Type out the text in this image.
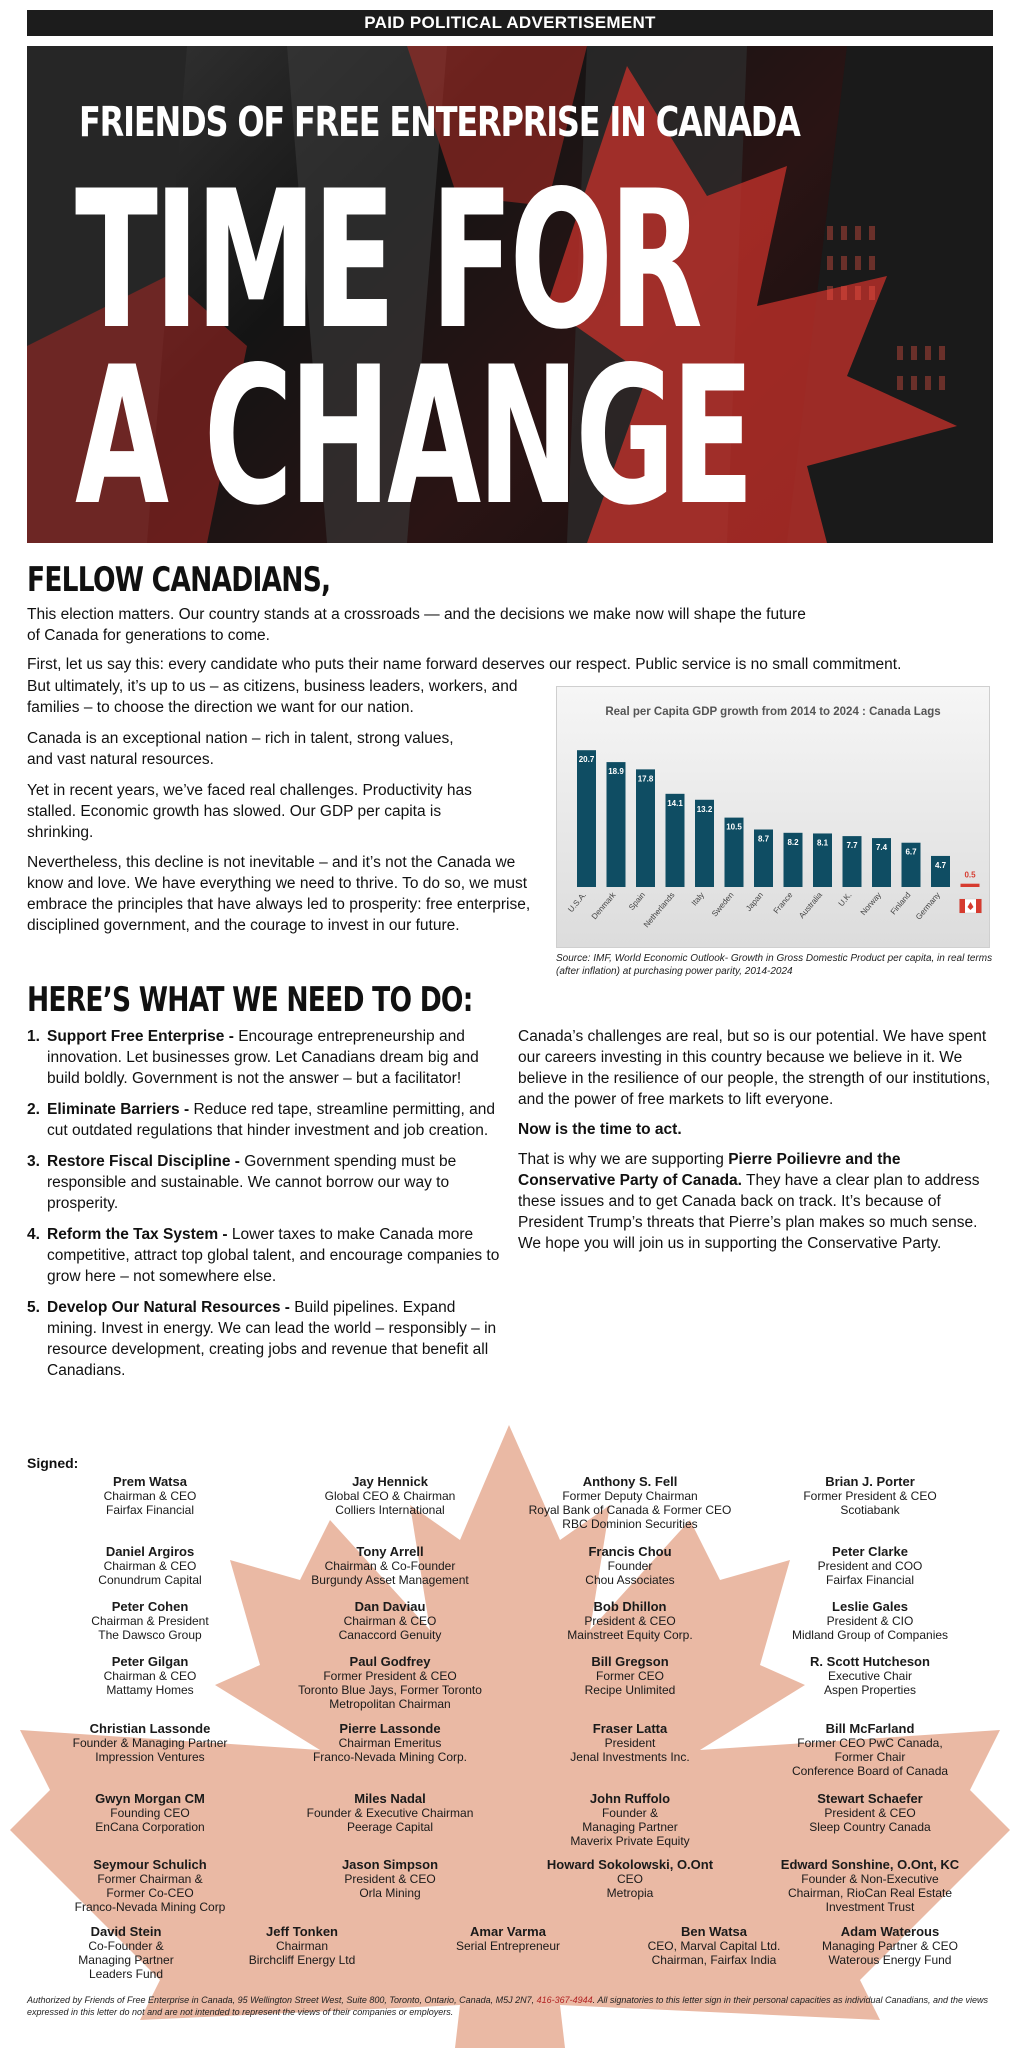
PAID POLITICAL ADVERTISEMENT
FRIENDS OF FREE ENTERPRISE IN CANADA
TIME FOR
A CHANGE
FELLOW CANADIANS,

This election matters. Our country stands at a crossroads — and the decisions we make now will shape the future of Canada for generations to come.

First, let us say this: every candidate who puts their name forward deserves our respect. Public service is no small commitment.

But ultimately, it’s up to us – as citizens, business leaders, workers, and families – to choose the direction we want for our nation.

Canada is an exceptional nation – rich in talent, strong values, and vast natural resources.

Yet in recent years, we’ve faced real challenges. Productivity has stalled. Economic growth has slowed. Our GDP per capita is shrinking.

Nevertheless, this decline is not inevitable – and it’s not the Canada we know and love. We have everything we need to thrive. To do so, we must embrace the principles that have always led to prosperity: free enterprise, disciplined government, and the courage to invest in our future.

Real per Capita GDP growth from 2014 to 2024 : Canada Lags
20.7
U.S.A.
18.9
Denmark
17.8
Spain
14.1
Netherlands
13.2
Italy
10.5
Sweden
8.7
Japan
8.2
France
8.1
Australia
7.7
U.K.
7.4
Norway
6.7
Finland
4.7
Germany
0.5
Source: IMF, World Economic Outlook- Growth in Gross Domestic Product per capita, in real terms (after inflation) at purchasing power parity, 2014-2024
HERE’S WHAT WE NEED TO DO:
1. Support Free Enterprise - Encourage entrepreneurship and innovation. Let businesses grow. Let Canadians dream big and build boldly. Government is not the answer – but a facilitator!
2. Eliminate Barriers - Reduce red tape, streamline permitting, and cut outdated regulations that hinder investment and job creation.
3. Restore Fiscal Discipline - Government spending must be responsible and sustainable. We cannot borrow our way to prosperity.
4. Reform the Tax System - Lower taxes to make Canada more competitive, attract top global talent, and encourage companies to grow here – not somewhere else.
5. Develop Our Natural Resources - Build pipelines. Expand mining. Invest in energy. We can lead the world – responsibly – in resource development, creating jobs and revenue that benefit all Canadians.

Canada’s challenges are real, but so is our potential. We have spent our careers investing in this country because we believe in it. We believe in the resilience of our people, the strength of our institutions, and the power of free markets to lift everyone.

Now is the time to act.

That is why we are supporting Pierre Poilievre and the Conservative Party of Canada. They have a clear plan to address these issues and to get Canada back on track. It’s because of President Trump’s threats that Pierre’s plan makes so much sense. We hope you will join us in supporting the Conservative Party.

Signed:
Prem Watsa
Chairman & CEO
Fairfax Financial
Jay Hennick
Global CEO & Chairman
Colliers International
Anthony S. Fell
Former Deputy Chairman
Royal Bank of Canada & Former CEO
RBC Dominion Securities
Brian J. Porter
Former President & CEO
Scotiabank
Daniel Argiros
Chairman & CEO
Conundrum Capital
Tony Arrell
Chairman & Co-Founder
Burgundy Asset Management
Francis Chou
Founder
Chou Associates
Peter Clarke
President and COO
Fairfax Financial
Peter Cohen
Chairman & President
The Dawsco Group
Dan Daviau
Chairman & CEO
Canaccord Genuity
Bob Dhillon
President & CEO
Mainstreet Equity Corp.
Leslie Gales
President & CIO
Midland Group of Companies
Peter Gilgan
Chairman & CEO
Mattamy Homes
Paul Godfrey
Former President & CEO
Toronto Blue Jays, Former Toronto
Metropolitan Chairman
Bill Gregson
Former CEO
Recipe Unlimited
R. Scott Hutcheson
Executive Chair
Aspen Properties
Christian Lassonde
Founder & Managing Partner
Impression Ventures
Pierre Lassonde
Chairman Emeritus
Franco-Nevada Mining Corp.
Fraser Latta
President
Jenal Investments Inc.
Bill McFarland
Former CEO PwC Canada,
Former Chair
Conference Board of Canada
Gwyn Morgan CM
Founding CEO
EnCana Corporation
Miles Nadal
Founder & Executive Chairman
Peerage Capital
John Ruffolo
Founder &
Managing Partner
Maverix Private Equity
Stewart Schaefer
President & CEO
Sleep Country Canada
Seymour Schulich
Former Chairman &
Former Co-CEO
Franco-Nevada Mining Corp
Jason Simpson
President & CEO
Orla Mining
Howard Sokolowski, O.Ont
CEO
Metropia
Edward Sonshine, O.Ont, KC
Founder & Non-Executive
Chairman, RioCan Real Estate
Investment Trust
David Stein
Co-Founder &
Managing Partner
Leaders Fund
Jeff Tonken
Chairman
Birchcliff Energy Ltd
Amar Varma
Serial Entrepreneur
Ben Watsa
CEO, Marval Capital Ltd.
Chairman, Fairfax India
Adam Waterous
Managing Partner & CEO
Waterous Energy Fund
Authorized by Friends of Free Enterprise in Canada, 95 Wellington Street West, Suite 800, Toronto, Ontario, Canada, M5J 2N7, 416-367-4944. All signatories to this letter sign in their personal capacities as individual Canadians, and the views expressed in this letter do not and are not intended to represent the views of their companies or employers.
